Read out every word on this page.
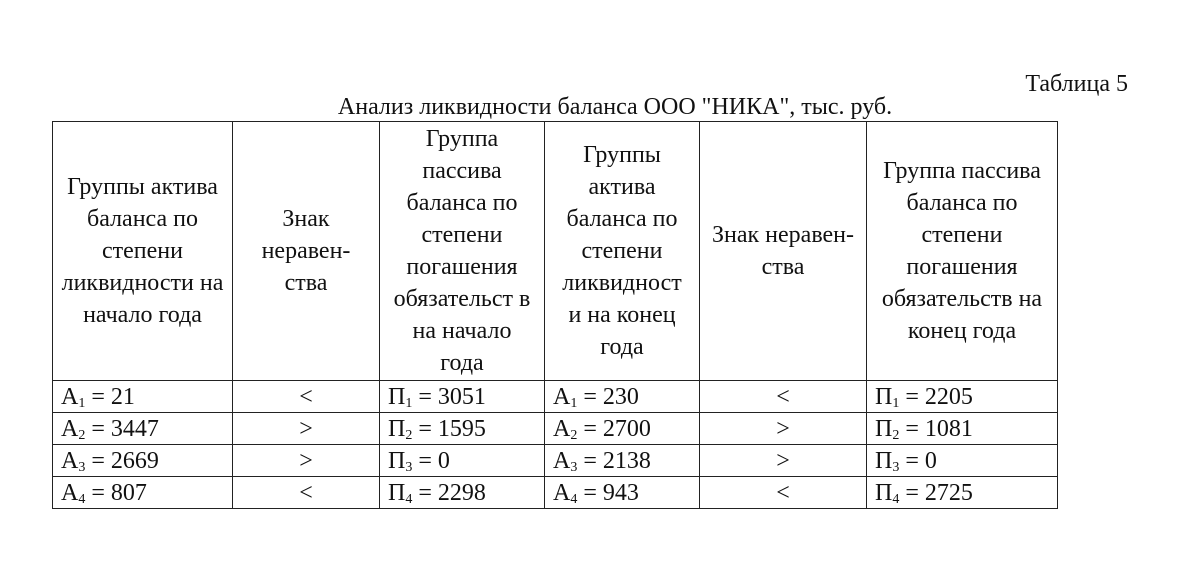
Таблица 5
Анализ ликвидности баланса ООО "НИКА", тыс. руб.
Группы актива баланса по степени ликвидности на начало года	Знак неравен-ства	Группа пассива баланса по степени погашения обязательст в на начало года	Группы актива баланса по степени ликвидност и на конец года	Знак неравен-ства	Группа пассива баланса по степени погашения обязательств на конец года
$А_1 = 21$	<	$П_1 = 3051$	$А_1 = 230$	<	$П_1 = 2205$
$А_2 = 3447$	>	$П_2 = 1595$	$А_2 = 2700$	>	$П_2 = 1081$
$А_3 = 2669$	>	$П_3 = 0$	$А_3 = 2138$	>	$П_3 = 0$
$А_4 = 807$	<	$П_4 = 2298$	$А_4 = 943$	<	$П_4 = 2725$
